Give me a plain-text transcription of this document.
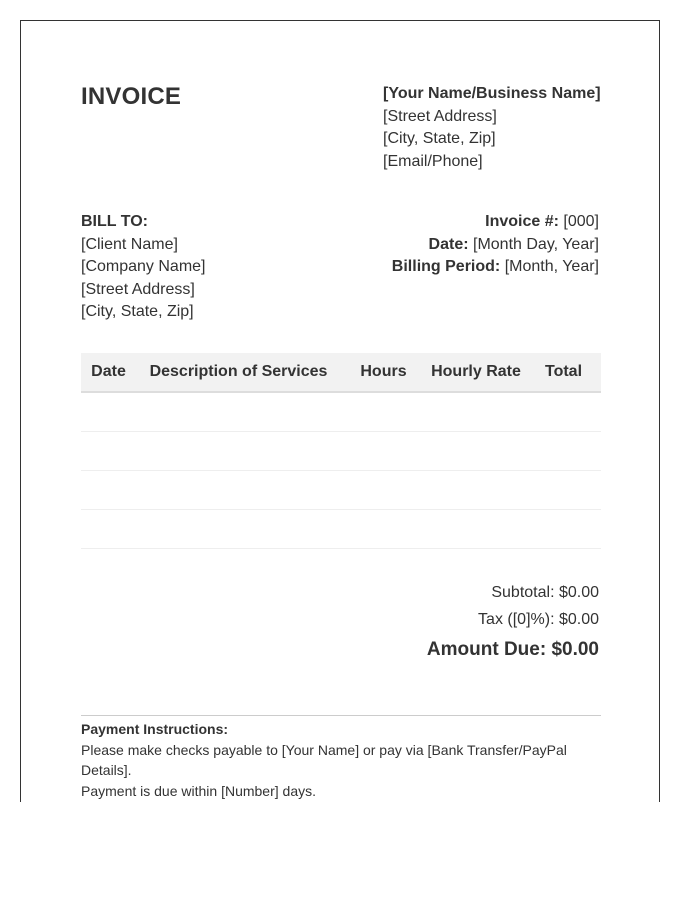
INVOICE	[Your Name/Business Name]
[Street Address]
[City, State, Zip]
[Email/Phone]
BILL TO:
[Client Name]
[Company Name]
[Street Address]
[City, State, Zip]
Invoice #: [000]
Date: [Month Day, Year]
Billing Period: [Month, Year]
Date	Description of Services	Hours	Hourly Rate	Total

Subtotal: $0.00
Tax ([0]%): $0.00
Amount Due: $0.00
Payment Instructions:
Please make checks payable to [Your Name] or pay via [Bank Transfer/PayPal Details].
Payment is due within [Number] days.
